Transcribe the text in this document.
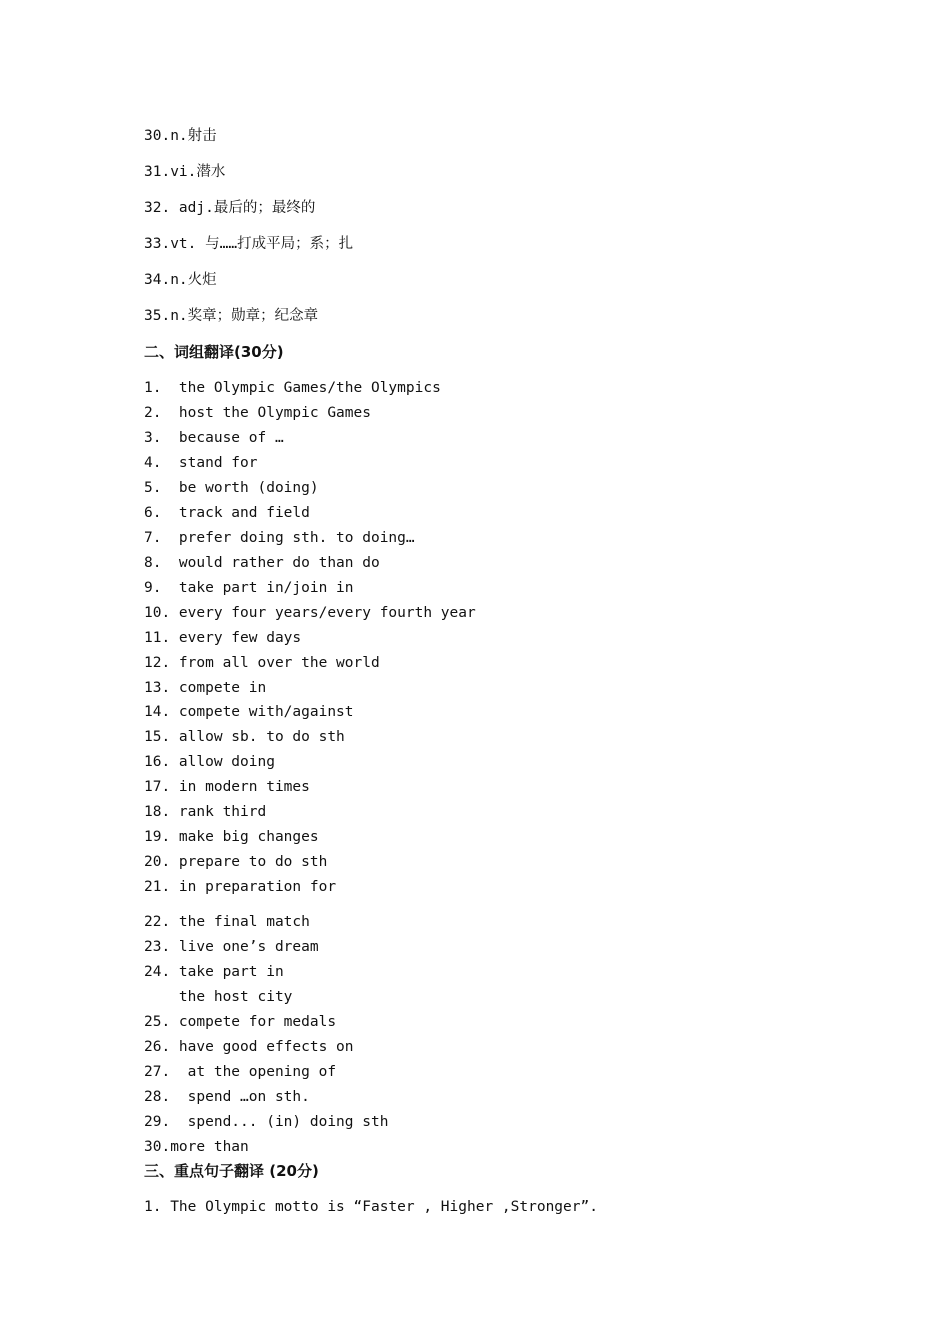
30.n.射击
31.vi.潜水
32. adj.最后的；最终的
33.vt. 与……打成平局；系；扎
34.n.火炬
35.n.奖章；勋章；纪念章
二、词组翻译(30分)
1.  the Olympic Games/the Olympics
2.  host the Olympic Games
3.  because of …
4.  stand for
5.  be worth (doing)
6.  track and field
7.  prefer doing sth. to doing…
8.  would rather do than do
9.  take part in/join in
10. every four years/every fourth year
11. every few days
12. from all over the world
13. compete in
14. compete with/against
15. allow sb. to do sth
16. allow doing
17. in modern times
18. rank third
19. make big changes
20. prepare to do sth
21. in preparation for
22. the final match
23. live one’s dream
24. take part in
the host city
25. compete for medals
26. have good effects on
27.  at the opening of
28.  spend …on sth.
29.  spend... (in) doing sth
30.more than
三、重点句子翻译 (20分)
1. The Olympic motto is “Faster , Higher ,Stronger”.
